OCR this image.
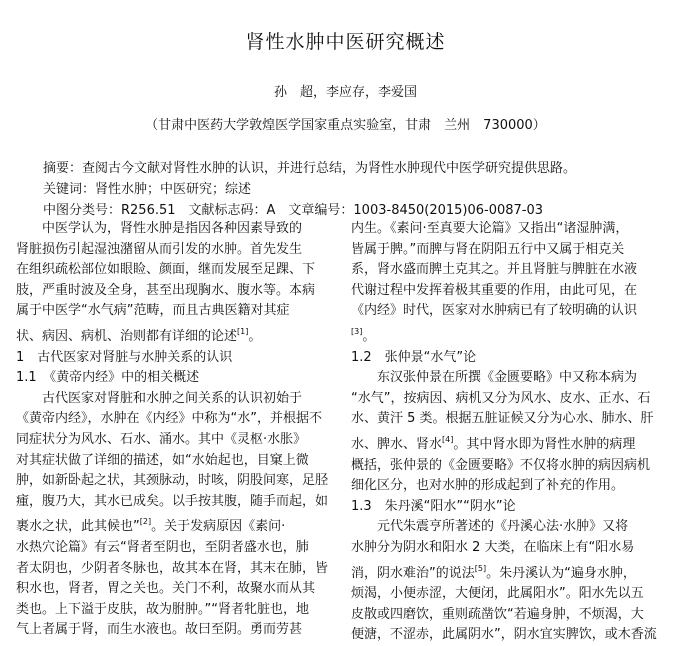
肾性水肿中医研究概述
孙　超，李应存，李爱国
（甘肃中医药大学敦煌医学国家重点实验室，甘肃　兰州　730000）
摘要：查阅古今文献对肾性水肿的认识，并进行总结，为肾性水肿现代中医学研究提供思路。
关键词：肾性水肿；中医研究；综述
中图分类号：R256.51　文献标志码：A　文章编号：1003-8450(2015)06-0087-03

中医学认为，肾性水肿是指因各种因素导致的

肾脏损伤引起湿浊潴留从而引发的水肿。首先发生

在组织疏松部位如眼睑、颜面，继而发展至足踝、下

肢，严重时波及全身，甚至出现胸水、腹水等。本病

属于中医学“水气病”范畴，而且古典医籍对其症

状、病因、病机、治则都有详细的论述[1]。

1　古代医家对肾脏与水肿关系的认识

1.1　《黄帝内经》中的相关概述

古代医家对肾脏和水肿之间关系的认识初始于

《黄帝内经》，水肿在《内经》中称为“水”，并根据不

同症状分为风水、石水、涌水。其中《灵枢·水胀》

对其症状做了详细的描述，如“水始起也，目窠上微

肿，如新卧起之状，其颈脉动，时咳，阴股间寒，足胫

瘇，腹乃大，其水已成矣。以手按其腹，随手而起，如

裹水之状，此其候也”[2]。关于发病原因《素问·

水热穴论篇》有云“肾者至阴也，至阴者盛水也，肺

者太阴也，少阴者冬脉也，故其本在肾，其末在肺，皆

积水也，肾者，胃之关也。关门不利，故聚水而从其

类也。上下溢于皮肤，故为胕肿。”“肾者牝脏也，地

气上者属于肾，而生水液也。故曰至阴。勇而劳甚

内生。《素问·至真要大论篇》又指出“诸湿肿满，

皆属于脾。”而脾与肾在阴阳五行中又属于相克关

系，肾水盛而脾土克其之。并且肾脏与脾脏在水液

代谢过程中发挥着极其重要的作用，由此可见，在

《内经》时代，医家对水肿病已有了较明确的认识

[3]。

1.2　张仲景“水气”论

东汉张仲景在所撰《金匮要略》中又称本病为

“水气”，按病因、病机又分为风水、皮水、正水、石

水、黄汗 5 类。根据五脏证候又分为心水、肺水、肝

水、脾水、肾水[4]。其中肾水即为肾性水肿的病理

概括，张仲景的《金匮要略》不仅将水肿的病因病机

细化区分，也对水肿的形成起到了补充的作用。

1.3　朱丹溪“阳水”“阴水”论

元代朱震亨所著述的《丹溪心法·水肿》又将

水肿分为阴水和阳水 2 大类，在临床上有“阳水易

消，阴水难治”的说法[5]。朱丹溪认为“遍身水肿，

烦渴，小便赤涩，大便闭，此属阳水”。阳水先以五

皮散或四磨饮，重则疏凿饮“若遍身肿，不烦渴，大

便溏，不涩赤，此属阴水”，阴水宜实脾饮，或木香流
